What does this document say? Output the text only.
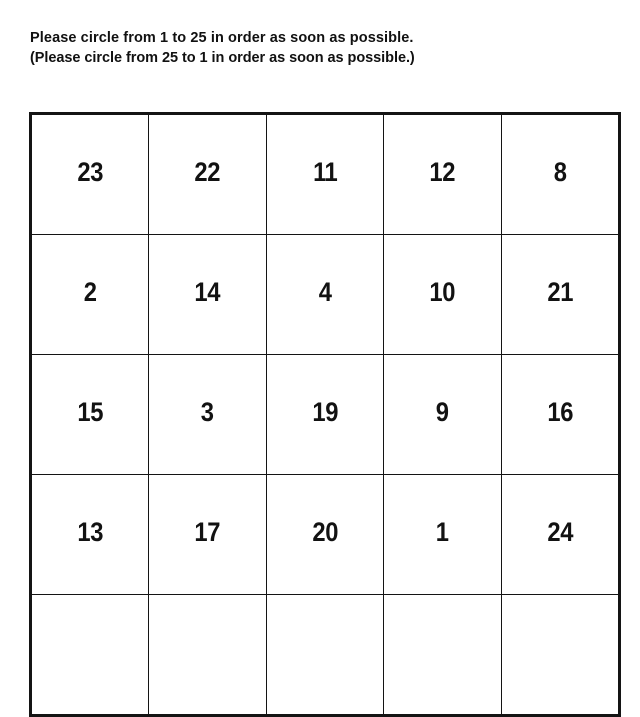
Please circle from 1 to 25 in order as soon as possible.
(Please circle from 25 to 1 in order as soon as possible.)
23	22	11	12	8

2	14	4	10	21

15	3	19	9	16

13	17	20	1	24
